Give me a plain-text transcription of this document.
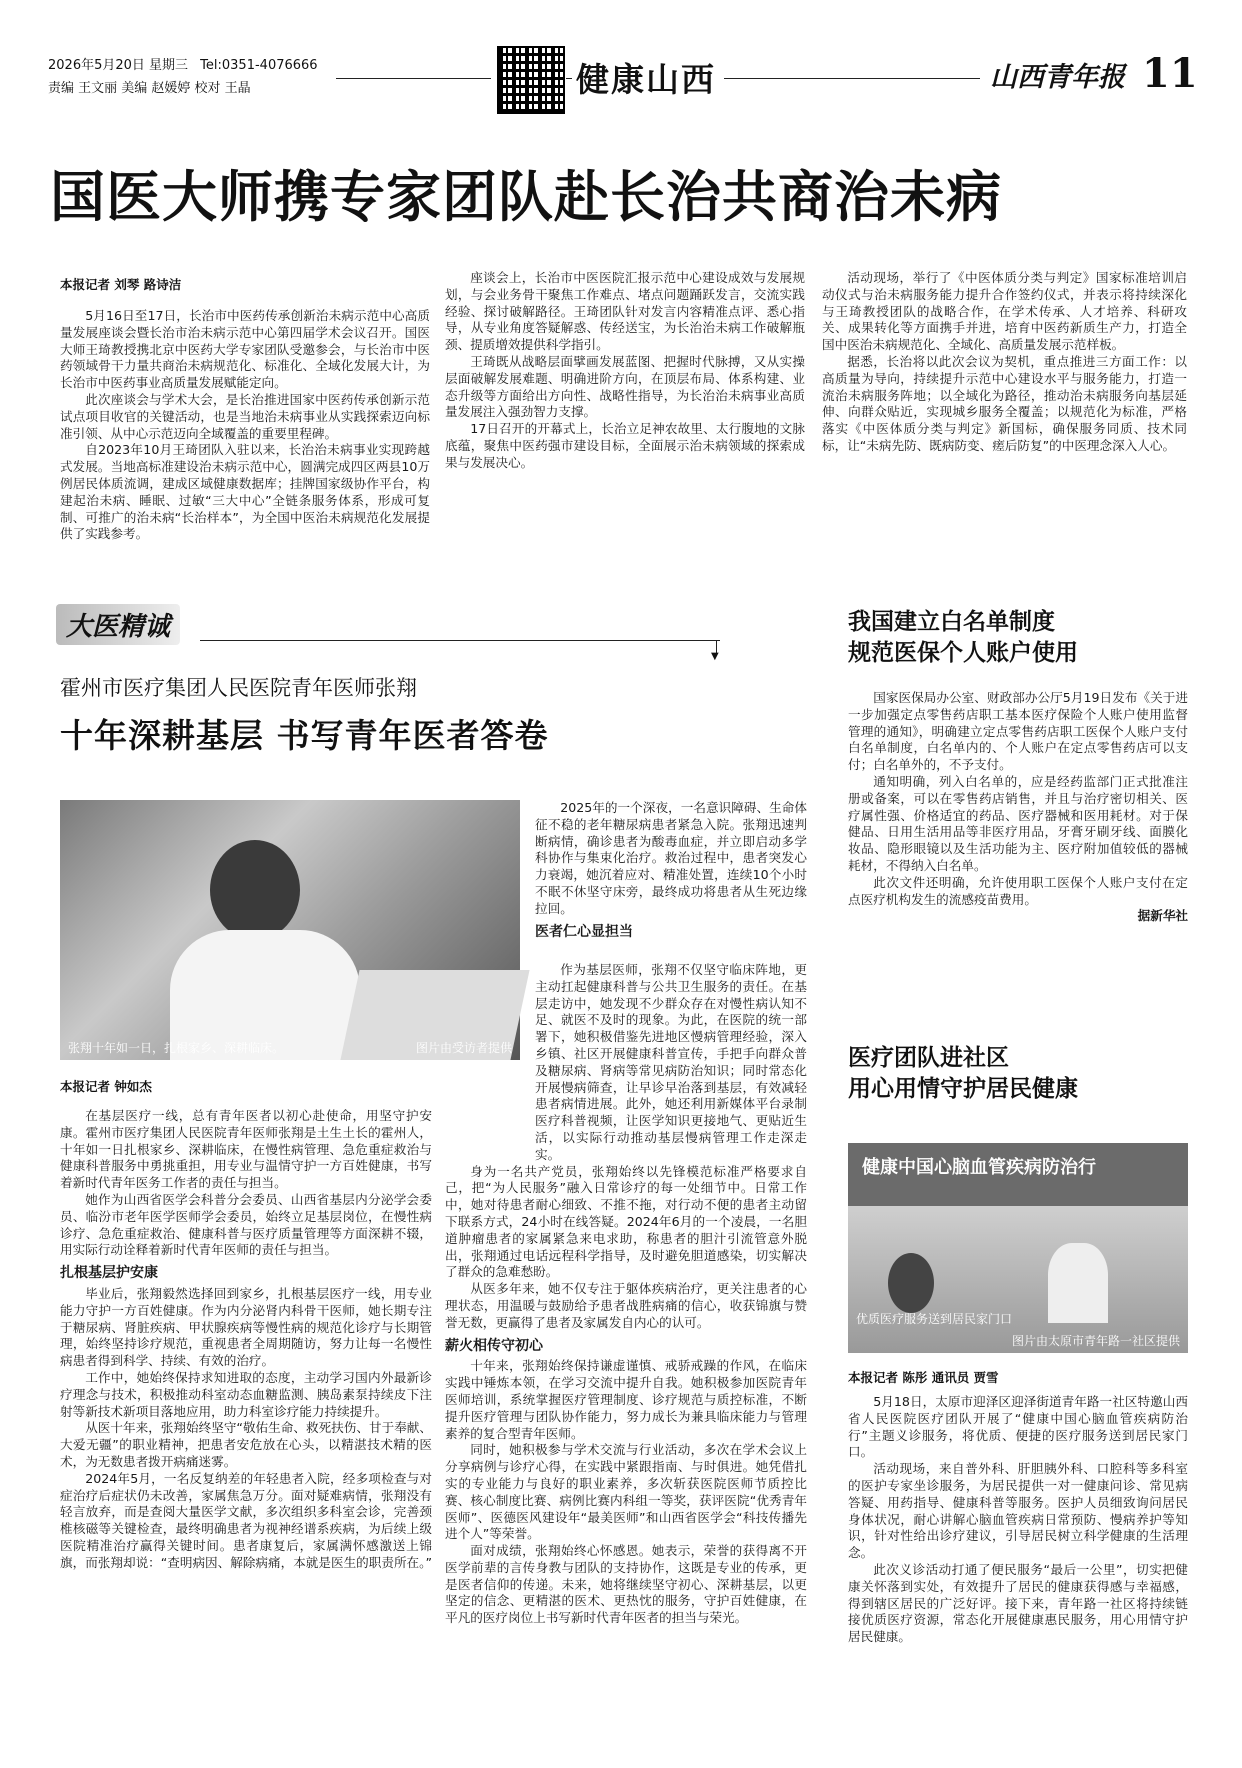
2026年5月20日 星期三 Tel:0351-4076666
责编 王文丽 美编 赵媛婷 校对 王晶	健康山西	山西青年报 11
国医大师携专家团队赴长治共商治未病
本报记者 刘琴 路诗洁

5月16日至17日，长治市中医药传承创新治未病示范中心高质量发展座谈会暨长治市治未病示范中心第四届学术会议召开。国医大师王琦教授携北京中医药大学专家团队受邀参会，与长治市中医药领域骨干力量共商治未病规范化、标准化、全域化发展大计，为长治市中医药事业高质量发展赋能定向。

此次座谈会与学术大会，是长治推进国家中医药传承创新示范试点项目收官的关键活动，也是当地治未病事业从实践探索迈向标准引领、从中心示范迈向全域覆盖的重要里程碑。

自2023年10月王琦团队入驻以来，长治治未病事业实现跨越式发展。当地高标准建设治未病示范中心，圆满完成四区两县10万例居民体质流调，建成区域健康数据库；挂牌国家级协作平台，构建起治未病、睡眠、过敏“三大中心”全链条服务体系，形成可复制、可推广的治未病“长治样本”，为全国中医治未病规范化发展提供了实践参考。

座谈会上，长治市中医医院汇报示范中心建设成效与发展规划，与会业务骨干聚焦工作难点、堵点问题踊跃发言，交流实践经验、探讨破解路径。王琦团队针对发言内容精准点评、悉心指导，从专业角度答疑解惑、传经送宝，为长治治未病工作破解瓶颈、提质增效提供科学指引。

王琦既从战略层面擘画发展蓝图、把握时代脉搏，又从实操层面破解发展难题、明确进阶方向，在顶层布局、体系构建、业态升级等方面给出方向性、战略性指导，为长治治未病事业高质量发展注入强劲智力支撑。

17日召开的开幕式上，长治立足神农故里、太行腹地的文脉底蕴，聚焦中医药强市建设目标，全面展示治未病领域的探索成果与发展决心。

活动现场，举行了《中医体质分类与判定》国家标准培训启动仪式与治未病服务能力提升合作签约仪式，并表示将持续深化与王琦教授团队的战略合作，在学术传承、人才培养、科研攻关、成果转化等方面携手并进，培育中医药新质生产力，打造全国中医治未病规范化、全域化、高质量发展示范样板。

据悉，长治将以此次会议为契机，重点推进三方面工作：以高质量为导向，持续提升示范中心建设水平与服务能力，打造一流治未病服务阵地；以全域化为路径，推动治未病服务向基层延伸、向群众贴近，实现城乡服务全覆盖；以规范化为标准，严格落实《中医体质分类与判定》新国标，确保服务同质、技术同标，让“未病先防、既病防变、瘥后防复”的中医理念深入人心。

大医精诚
▼
霍州市医疗集团人民医院青年医师张翔
十年深耕基层 书写青年医者答卷
张翔十年如一日，扎根家乡、深耕临床。	图片由受访者提供
本报记者 钟如杰

在基层医疗一线，总有青年医者以初心赴使命，用坚守护安康。霍州市医疗集团人民医院青年医师张翔是土生土长的霍州人，十年如一日扎根家乡、深耕临床，在慢性病管理、急危重症救治与健康科普服务中勇挑重担，用专业与温情守护一方百姓健康，书写着新时代青年医务工作者的责任与担当。

她作为山西省医学会科普分会委员、山西省基层内分泌学会委员、临汾市老年医学医师学会委员，始终立足基层岗位，在慢性病诊疗、急危重症救治、健康科普与医疗质量管理等方面深耕不辍，用实际行动诠释着新时代青年医师的责任与担当。

扎根基层护安康

毕业后，张翔毅然选择回到家乡，扎根基层医疗一线，用专业能力守护一方百姓健康。作为内分泌肾内科骨干医师，她长期专注于糖尿病、肾脏疾病、甲状腺疾病等慢性病的规范化诊疗与长期管理，始终坚持诊疗规范，重视患者全周期随访，努力让每一名慢性病患者得到科学、持续、有效的治疗。

工作中，她始终保持求知进取的态度，主动学习国内外最新诊疗理念与技术，积极推动科室动态血糖监测、胰岛素泵持续皮下注射等新技术新项目落地应用，助力科室诊疗能力持续提升。

从医十年来，张翔始终坚守“敬佑生命、救死扶伤、甘于奉献、大爱无疆”的职业精神，把患者安危放在心头，以精湛技术精的医术，为无数患者拨开病痛迷雾。

2024年5月，一名反复纳差的年轻患者入院，经多项检查与对症治疗后症状仍未改善，家属焦急万分。面对疑难病情，张翔没有轻言放弃，而是查阅大量医学文献，多次组织多科室会诊，完善颈椎核磁等关键检查，最终明确患者为视神经谱系疾病，为后续上级医院精准治疗赢得关键时间。患者康复后，家属满怀感激送上锦旗，而张翔却说：“查明病因、解除病痛，本就是医生的职责所在。”

2025年的一个深夜，一名意识障碍、生命体征不稳的老年糖尿病患者紧急入院。张翔迅速判断病情，确诊患者为酸毒血症，并立即启动多学科协作与集束化治疗。救治过程中，患者突发心力衰竭，她沉着应对、精准处置，连续10个小时不眠不休坚守床旁，最终成功将患者从生死边缘拉回。

医者仁心显担当

作为基层医师，张翔不仅坚守临床阵地，更主动扛起健康科普与公共卫生服务的责任。在基层走访中，她发现不少群众存在对慢性病认知不足、就医不及时的现象。为此，在医院的统一部署下，她积极借鉴先进地区慢病管理经验，深入乡镇、社区开展健康科普宣传，手把手向群众普及糖尿病、肾病等常见病防治知识；同时常态化开展慢病筛查，让早诊早治落到基层，有效减轻患者病情进展。此外，她还利用新媒体平台录制医疗科普视频，让医学知识更接地气、更贴近生活，以实际行动推动基层慢病管理工作走深走实。

身为一名共产党员，张翔始终以先锋模范标准严格要求自己，把“为人民服务”融入日常诊疗的每一处细节中。日常工作中，她对待患者耐心细致、不推不拖，对行动不便的患者主动留下联系方式，24小时在线答疑。2024年6月的一个凌晨，一名胆道肿瘤患者的家属紧急来电求助，称患者的胆汁引流管意外脱出，张翔通过电话远程科学指导，及时避免胆道感染，切实解决了群众的急难愁盼。

从医多年来，她不仅专注于躯体疾病治疗，更关注患者的心理状态，用温暖与鼓励给予患者战胜病痛的信心，收获锦旗与赞誉无数，更赢得了患者及家属发自内心的认可。

薪火相传守初心

十年来，张翔始终保持谦虚谨慎、戒骄戒躁的作风，在临床实践中锤炼本领，在学习交流中提升自我。她积极参加医院青年医师培训，系统掌握医疗管理制度、诊疗规范与质控标准，不断提升医疗管理与团队协作能力，努力成长为兼具临床能力与管理素养的复合型青年医师。

同时，她积极参与学术交流与行业活动，多次在学术会议上分享病例与诊疗心得，在实践中紧跟指南、与时俱进。她凭借扎实的专业能力与良好的职业素养，多次斩获医院医师节质控比赛、核心制度比赛、病例比赛内科组一等奖，获评医院“优秀青年医师”、医德医风建设年“最美医师”和山西省医学会“科技传播先进个人”等荣誉。

面对成绩，张翔始终心怀感恩。她表示，荣誉的获得离不开医学前辈的言传身教与团队的支持协作，这既是专业的传承，更是医者信仰的传递。未来，她将继续坚守初心、深耕基层，以更坚定的信念、更精湛的医术、更热忱的服务，守护百姓健康，在平凡的医疗岗位上书写新时代青年医者的担当与荣光。

我国建立白名单制度
规范医保个人账户使用

国家医保局办公室、财政部办公厅5月19日发布《关于进一步加强定点零售药店职工基本医疗保险个人账户使用监督管理的通知》，明确建立定点零售药店职工医保个人账户支付白名单制度，白名单内的、个人账户在定点零售药店可以支付；白名单外的，不予支付。

通知明确，列入白名单的，应是经药监部门正式批准注册或备案，可以在零售药店销售，并且与治疗密切相关、医疗属性强、价格适宜的药品、医疗器械和医用耗材。对于保健品、日用生活用品等非医疗用品，牙膏牙刷牙线、面膜化妆品、隐形眼镜以及生活功能为主、医疗附加值较低的器械耗材，不得纳入白名单。

此次文件还明确，允许使用职工医保个人账户支付在定点医疗机构发生的流感疫苗费用。

据新华社
医疗团队进社区
用心用情守护居民健康
健康中国心脑血管疾病防治行
优质医疗服务送到居民家门口
图片由太原市青年路一社区提供
本报记者 陈彤 通讯员 贾雪

5月18日，太原市迎泽区迎泽街道青年路一社区特邀山西省人民医院医疗团队开展了“健康中国心脑血管疾病防治行”主题义诊服务，将优质、便捷的医疗服务送到居民家门口。

活动现场，来自普外科、肝胆胰外科、口腔科等多科室的医护专家坐诊服务，为居民提供一对一健康问诊、常见病答疑、用药指导、健康科普等服务。医护人员细致询问居民身体状况，耐心讲解心脑血管疾病日常预防、慢病养护等知识，针对性给出诊疗建议，引导居民树立科学健康的生活理念。

此次义诊活动打通了便民服务“最后一公里”，切实把健康关怀落到实处，有效提升了居民的健康获得感与幸福感，得到辖区居民的广泛好评。接下来，青年路一社区将持续链接优质医疗资源，常态化开展健康惠民服务，用心用情守护居民健康。
